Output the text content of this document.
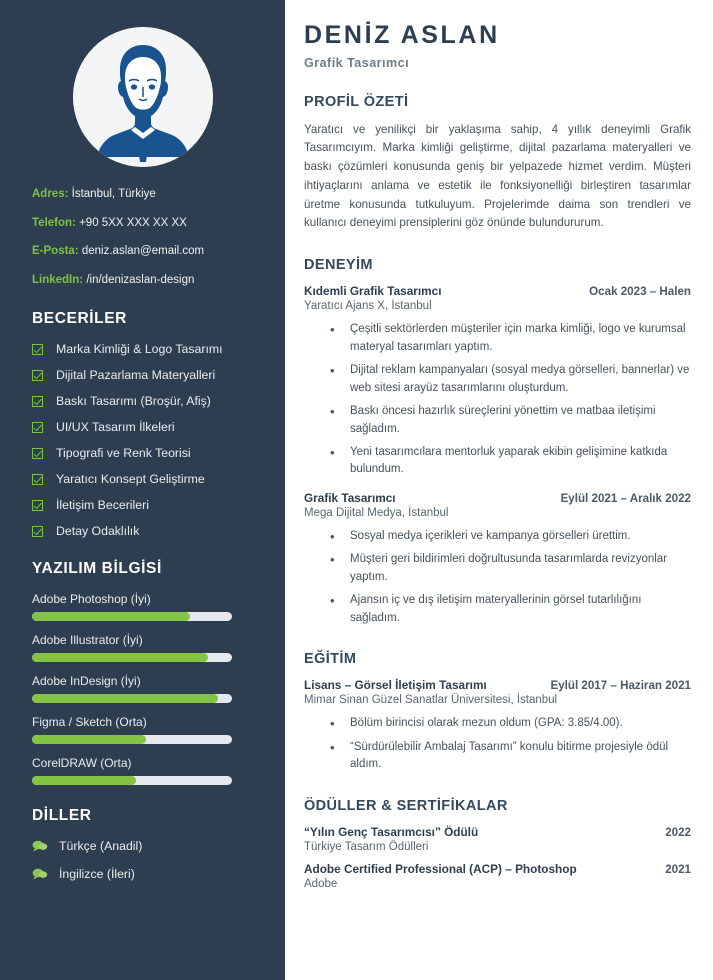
Adres: İstanbul, Türkiye
Telefon: +90 5XX XXX XX XX
E-Posta: deniz.aslan@email.com
LinkedIn: /in/denizaslan-design
BECERİLER
Marka Kimliği & Logo Tasarımı
Dijital Pazarlama Materyalleri
Baskı Tasarımı (Broşür, Afiş)
UI/UX Tasarım İlkeleri
Tipografi ve Renk Teorisi
Yaratıcı Konsept Geliştirme
İletişim Becerileri
Detay Odaklılık
YAZILIM BİLGİSİ
Adobe Photoshop (İyi)
Adobe Illustrator (İyi)
Adobe InDesign (İyi)
Figma / Sketch (Orta)
CorelDRAW (Orta)
DİLLER
Türkçe (Anadil)
İngilizce (İleri)
DENİZ ASLAN
Grafik Tasarımcı
PROFİL ÖZETİ

Yaratıcı ve yenilikçi bir yaklaşıma sahip, 4 yıllık deneyimli Grafik Tasarımcıyım. Marka kimliği geliştirme, dijital pazarlama materyalleri ve baskı çözümleri konusunda geniş bir yelpazede hizmet verdim. Müşteri ihtiyaçlarını anlama ve estetik ile fonksiyonelliği birleştiren tasarımlar üretme konusunda tutkuluyum. Projelerimde daima son trendleri ve kullanıcı deneyimi prensiplerini göz önünde bulundururum.

DENEYİM
Kıdemli Grafik Tasarımcı	Ocak 2023 – Halen
Yaratıcı Ajans X, İstanbul
• Çeşitli sektörlerden müşteriler için marka kimliği, logo ve kurumsal materyal tasarımları yaptım.
• Dijital reklam kampanyaları (sosyal medya görselleri, bannerlar) ve web sitesi arayüz tasarımlarını oluşturdum.
• Baskı öncesi hazırlık süreçlerini yönettim ve matbaa iletişimi sağladım.
• Yeni tasarımcılara mentorluk yaparak ekibin gelişimine katkıda bulundum.
Grafik Tasarımcı	Eylül 2021 – Aralık 2022
Mega Dijital Medya, İstanbul
• Sosyal medya içerikleri ve kampanya görselleri ürettim.
• Müşteri geri bildirimleri doğrultusunda tasarımlarda revizyonlar yaptım.
• Ajansın iç ve dış iletişim materyallerinin görsel tutarlılığını sağladım.
EĞİTİM
Lisans – Görsel İletişim Tasarımı	Eylül 2017 – Haziran 2021
Mimar Sinan Güzel Sanatlar Üniversitesi, İstanbul
• Bölüm birincisi olarak mezun oldum (GPA: 3.85/4.00).
• “Sürdürülebilir Ambalaj Tasarımı” konulu bitirme projesiyle ödül aldım.
ÖDÜLLER & SERTİFİKALAR
“Yılın Genç Tasarımcısı” Ödülü	2022
Türkiye Tasarım Ödülleri
Adobe Certified Professional (ACP) – Photoshop	2021
Adobe
